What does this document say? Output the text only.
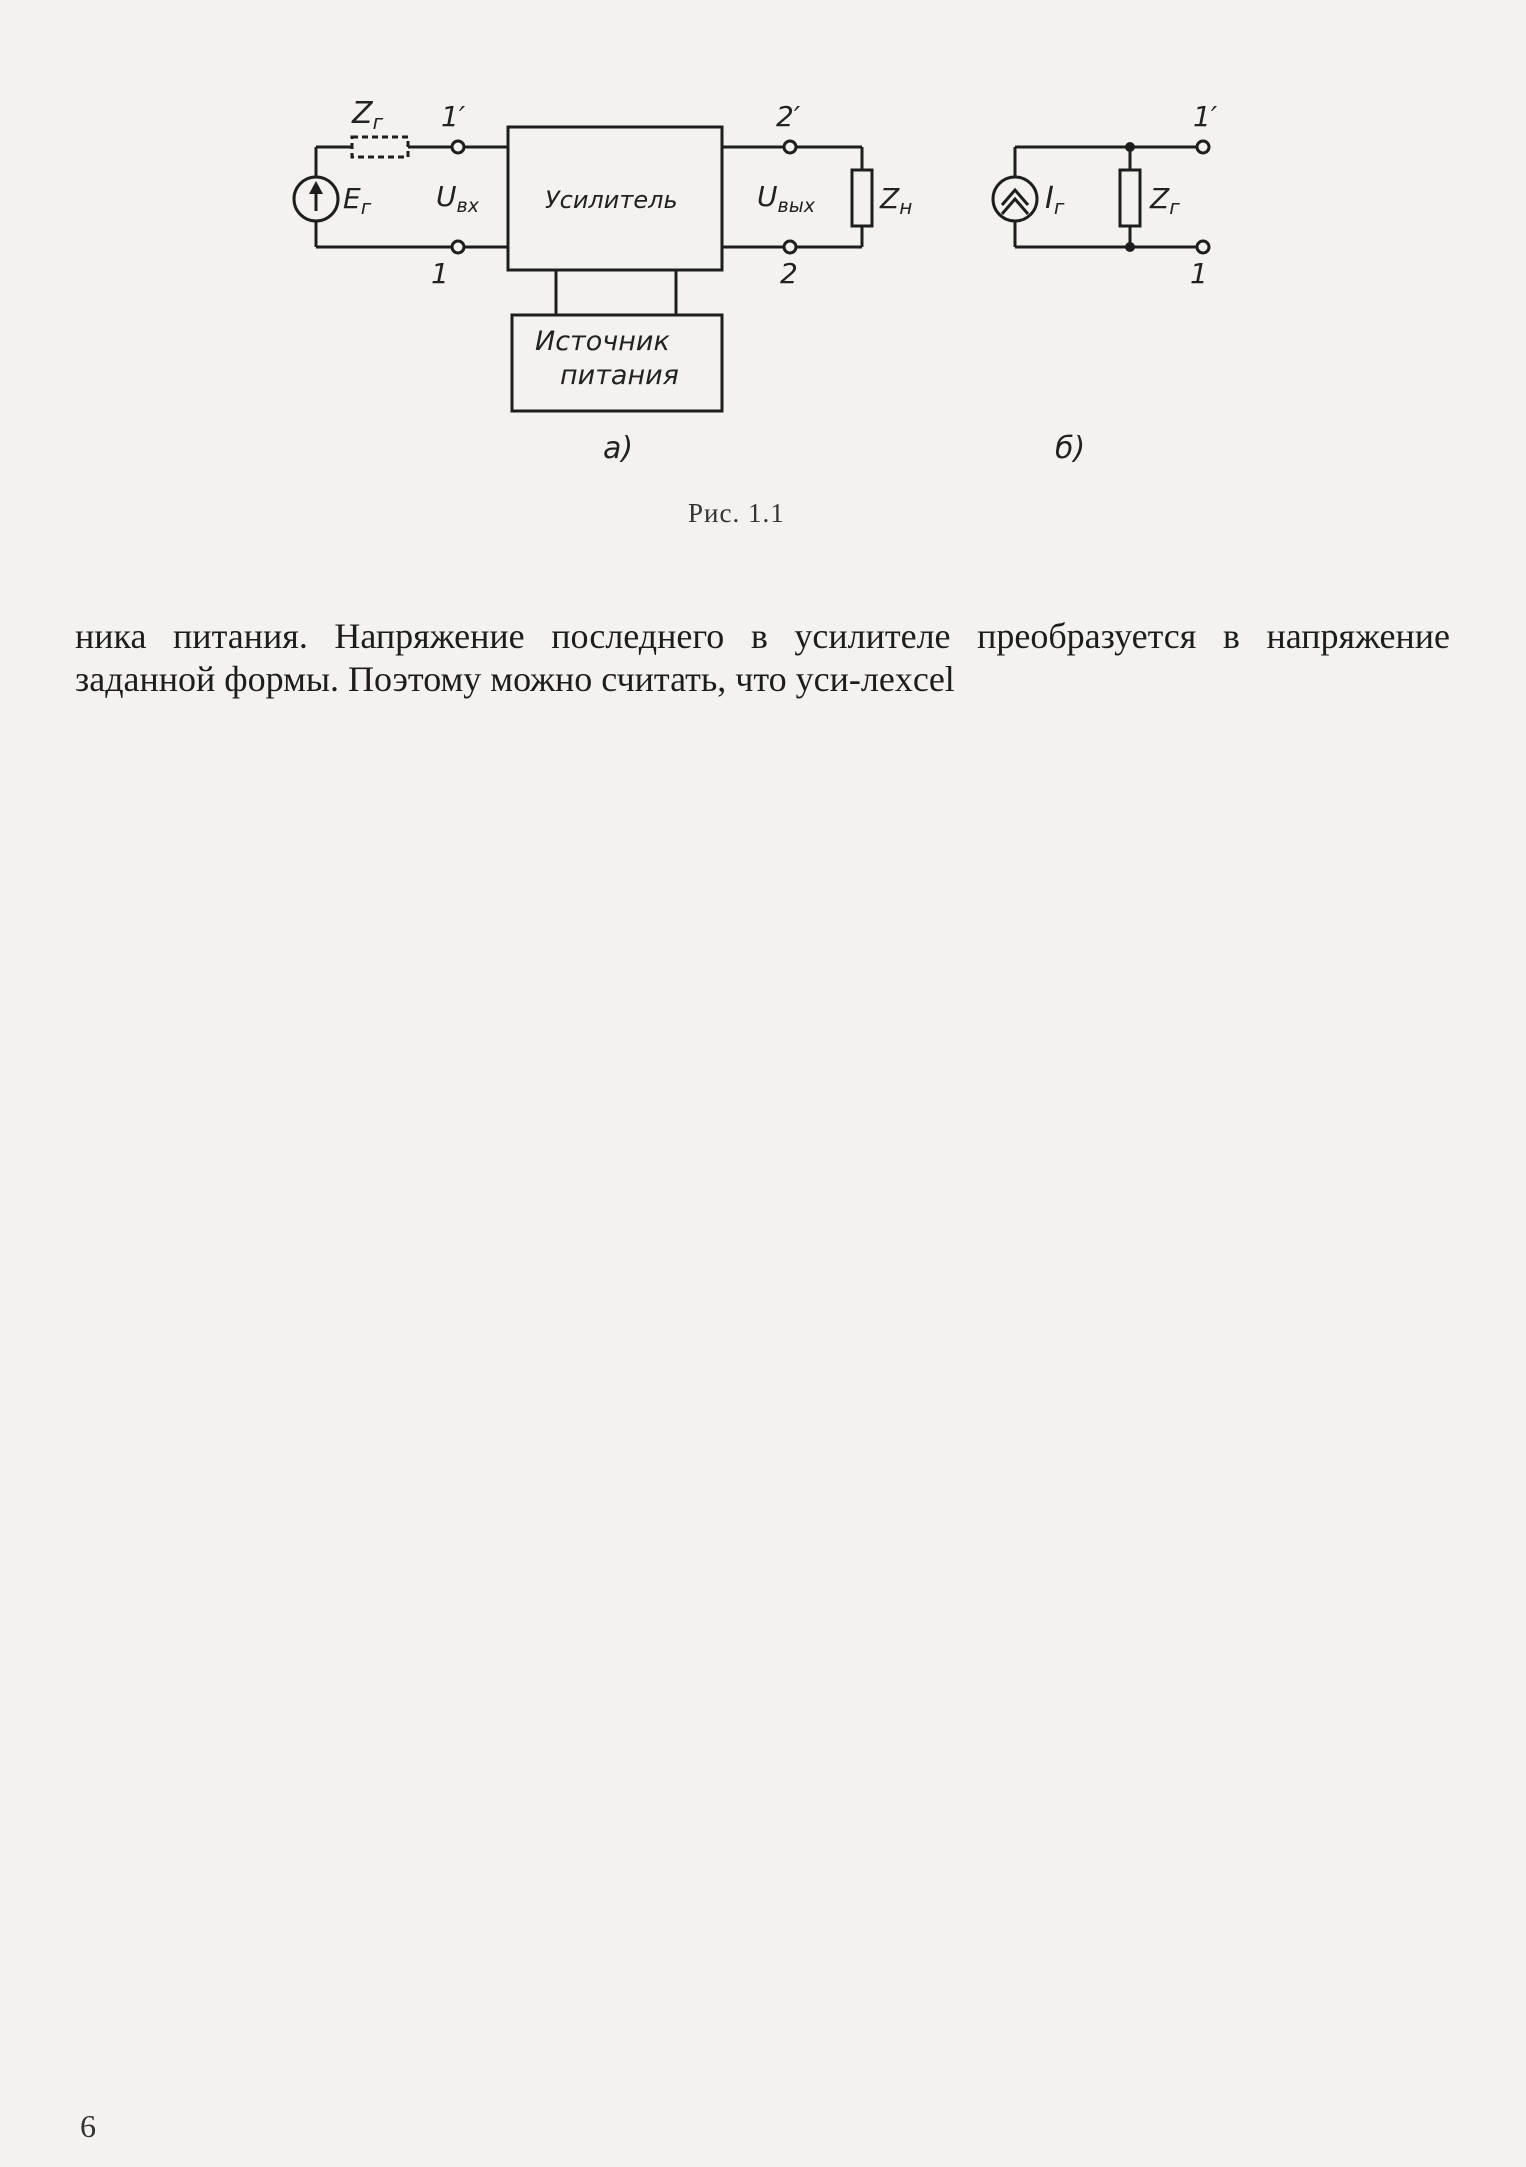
$Z_г$ 1′
$E_г$ $U_{вх}$
1
Усилитель
2′
$U_{вых}$
2
$Z_н$
Источник
питания
а)
$I_г$	$Z_г$
1′
1
б)
Рис. 1.1

ника питания. Напряжение последнего в усилителе преобразуется в напряжение заданной формы. Поэтому можно считать, что уси-лexcel

6
